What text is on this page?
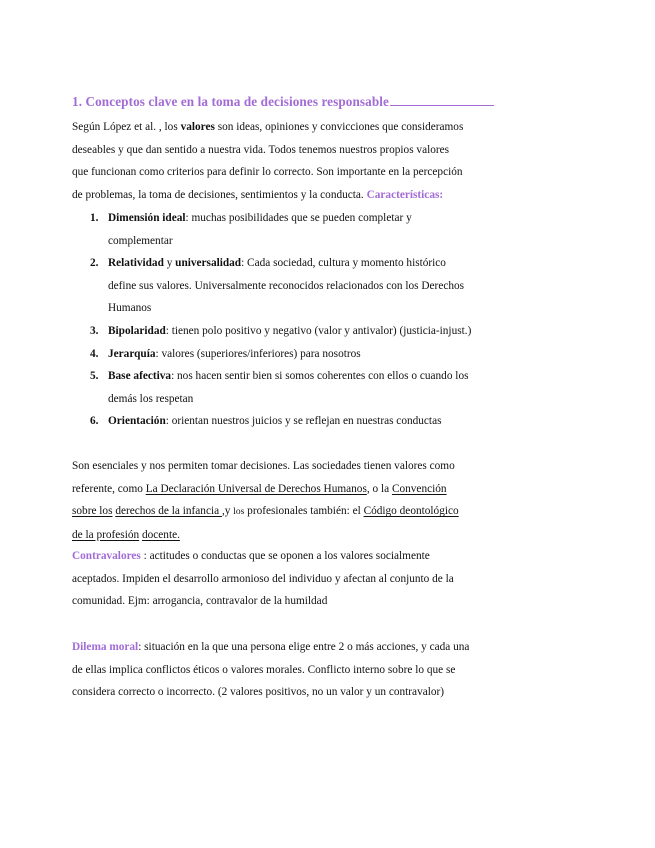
1. Conceptos clave en la toma de decisiones responsable
Según López et al. , los valores son ideas, opiniones y convicciones que consideramos
deseables y que dan sentido a nuestra vida. Todos tenemos nuestros propios valores
que funcionan como criterios para definir lo correcto. Son importante en la percepción
de problemas, la toma de decisiones, sentimientos y la conducta. Características:
1. Dimensión ideal: muchas posibilidades que se pueden completar y
complementar
2. Relatividad y universalidad: Cada sociedad, cultura y momento histórico
define sus valores. Universalmente reconocidos relacionados con los Derechos
Humanos
3. Bipolaridad: tienen polo positivo y negativo (valor y antivalor) (justicia-injust.)
4. Jerarquía: valores (superiores/inferiores) para nosotros
5. Base afectiva: nos hacen sentir bien si somos coherentes con ellos o cuando los
demás los respetan
6. Orientación: orientan nuestros juicios y se reflejan en nuestras conductas
Son esenciales y nos permiten tomar decisiones. Las sociedades tienen valores como
referente, como La Declaración Universal de Derechos Humanos, o la Convención
sobre los derechos de la infancia ,y los profesionales también: el Código deontológico
de la profesión docente.
Contravalores : actitudes o conductas que se oponen a los valores socialmente
aceptados. Impiden el desarrollo armonioso del individuo y afectan al conjunto de la
comunidad. Ejm: arrogancia, contravalor de la humildad
Dilema moral: situación en la que una persona elige entre 2 o más acciones, y cada una
de ellas implica conflictos éticos o valores morales. Conflicto interno sobre lo que se
considera correcto o incorrecto. (2 valores positivos, no un valor y un contravalor)
